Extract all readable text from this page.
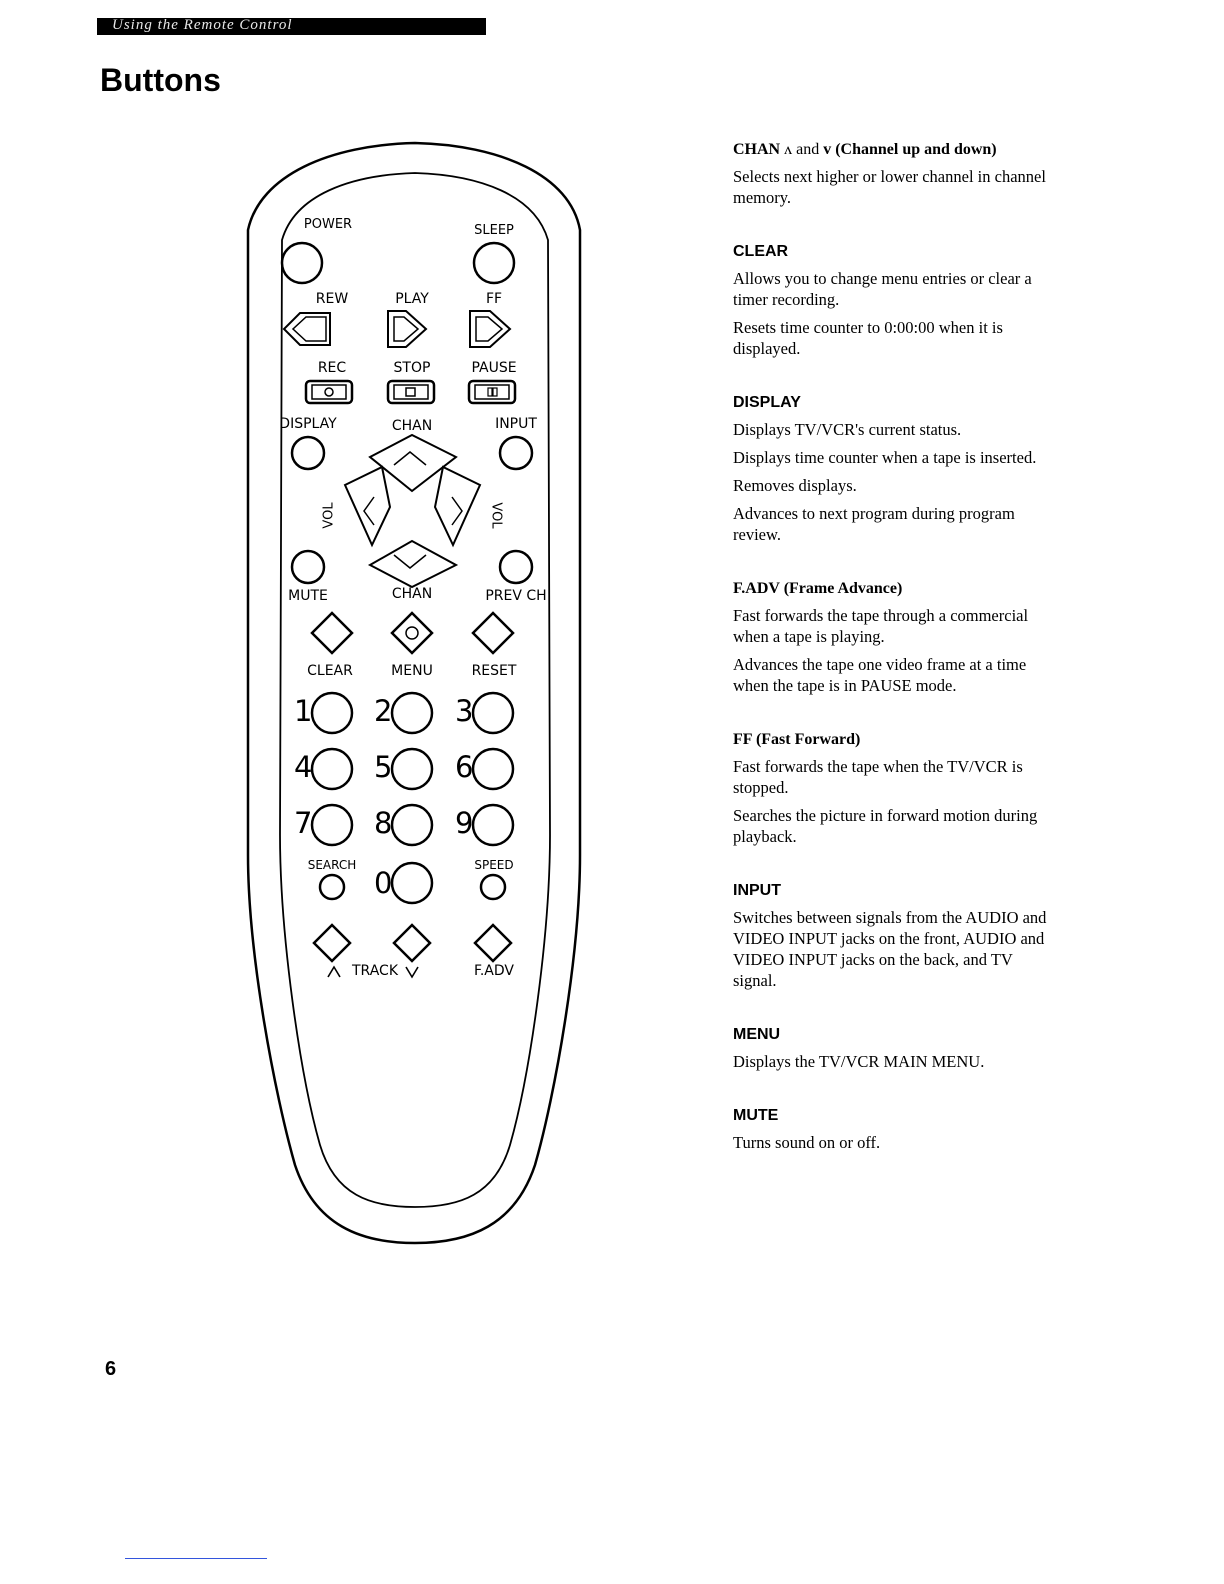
Using the Remote Control
Buttons
POWER	SLEEP
REW	PLAY	FF
REC	STOP	PAUSE
DISPLAY	CHAN	INPUT
VOL	VOL
MUTE	CHAN	PREV CH
CLEAR	MENU	RESET
1 2 3
4 5 6
7 8 9
0
SEARCH	SPEED
TRACK	F.ADV
CHAN ʌ and v (Channel up and down)

Selects next higher or lower channel in channel memory.

CLEAR

Allows you to change menu entries or clear a timer recording.

Resets time counter to 0:00:00 when it is displayed.

DISPLAY

Displays TV/VCR's current status.

Displays time counter when a tape is inserted.

Removes displays.

Advances to next program during program review.

F.ADV (Frame Advance)

Fast forwards the tape through a commercial when a tape is playing.

Advances the tape one video frame at a time when the tape is in PAUSE mode.

FF (Fast Forward)

Fast forwards the tape when the TV/VCR is stopped.

Searches the picture in forward motion during playback.

INPUT

Switches between signals from the AUDIO and VIDEO INPUT jacks on the front, AUDIO and VIDEO INPUT jacks on the back, and TV signal.

MENU

Displays the TV/VCR MAIN MENU.

MUTE

Turns sound on or off.

6
